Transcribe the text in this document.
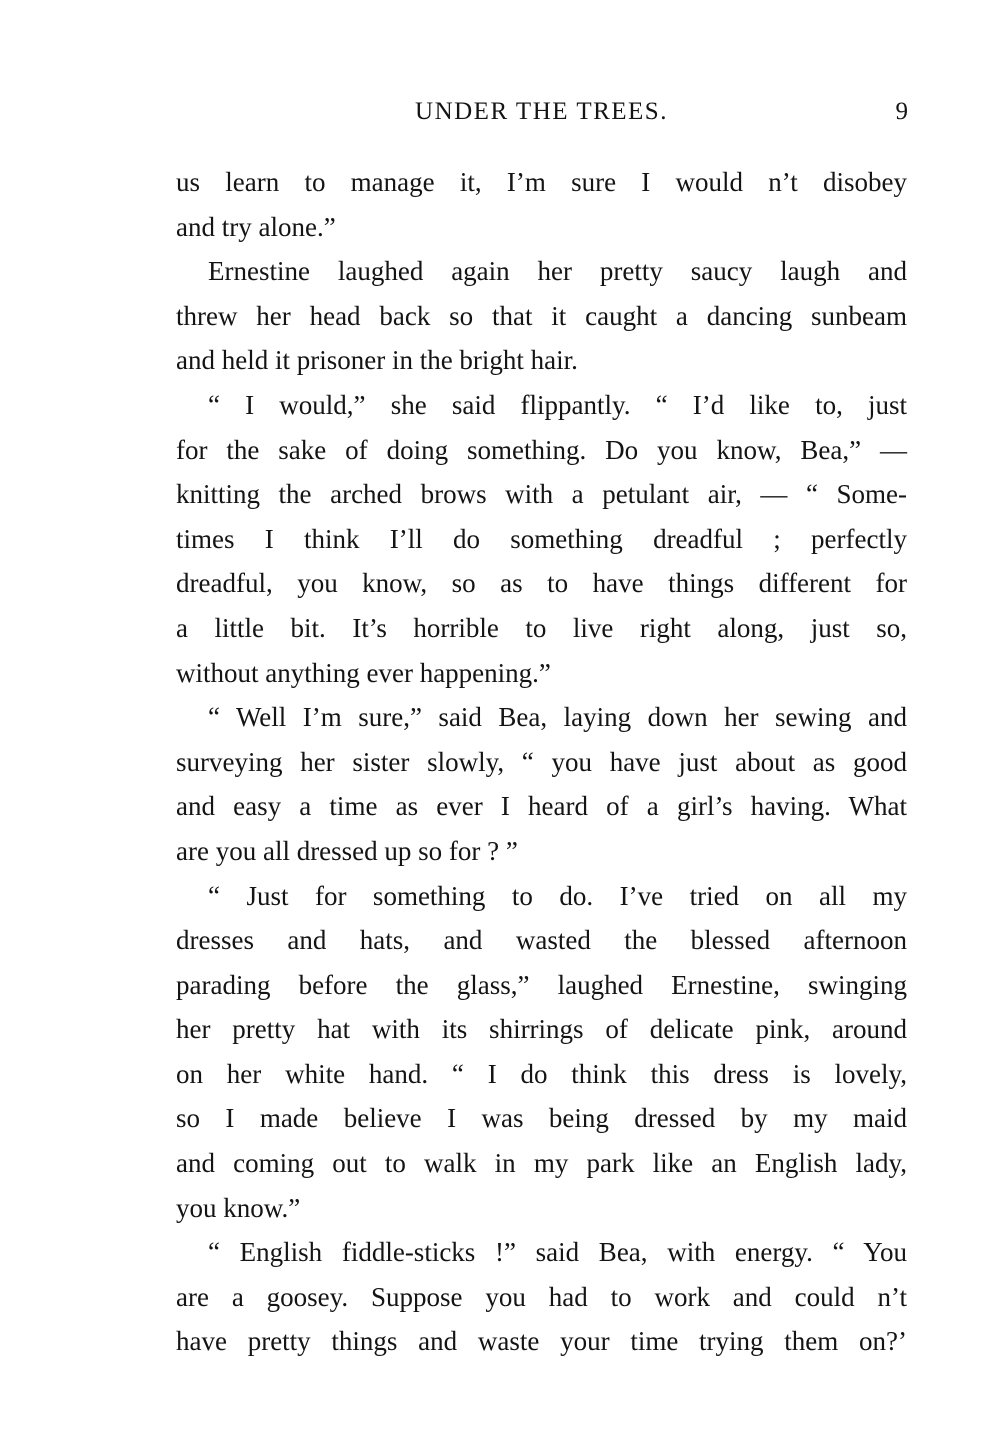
UNDER THE TREES.	9
us learn to manage it, I’m sure I would n’t disobey
and try alone.”
Ernestine laughed again her pretty saucy laugh and
threw her head back so that it caught a dancing sunbeam
and held it prisoner in the bright hair.
“ I would,” she said flippantly. “ I’d like to, just
for the sake of doing something. Do you know, Bea,” —
knitting the arched brows with a petulant air, — “ Some-
times I think I’ll do something dreadful ; perfectly
dreadful, you know, so as to have things different for
a little bit. It’s horrible to live right along, just so,
without anything ever happening.”
“ Well I’m sure,” said Bea, laying down her sewing and
surveying her sister slowly, “ you have just about as good
and easy a time as ever I heard of a girl’s having. What
are you all dressed up so for ? ”
“ Just for something to do. I’ve tried on all my
dresses and hats, and wasted the blessed afternoon
parading before the glass,” laughed Ernestine, swinging
her pretty hat with its shirrings of delicate pink, around
on her white hand. “ I do think this dress is lovely,
so I made believe I was being dressed by my maid
and coming out to walk in my park like an English lady,
you know.”
“ English fiddle-sticks !” said Bea, with energy. “ You
are a goosey. Suppose you had to work and could n’t
have pretty things and waste your time trying them on?’
